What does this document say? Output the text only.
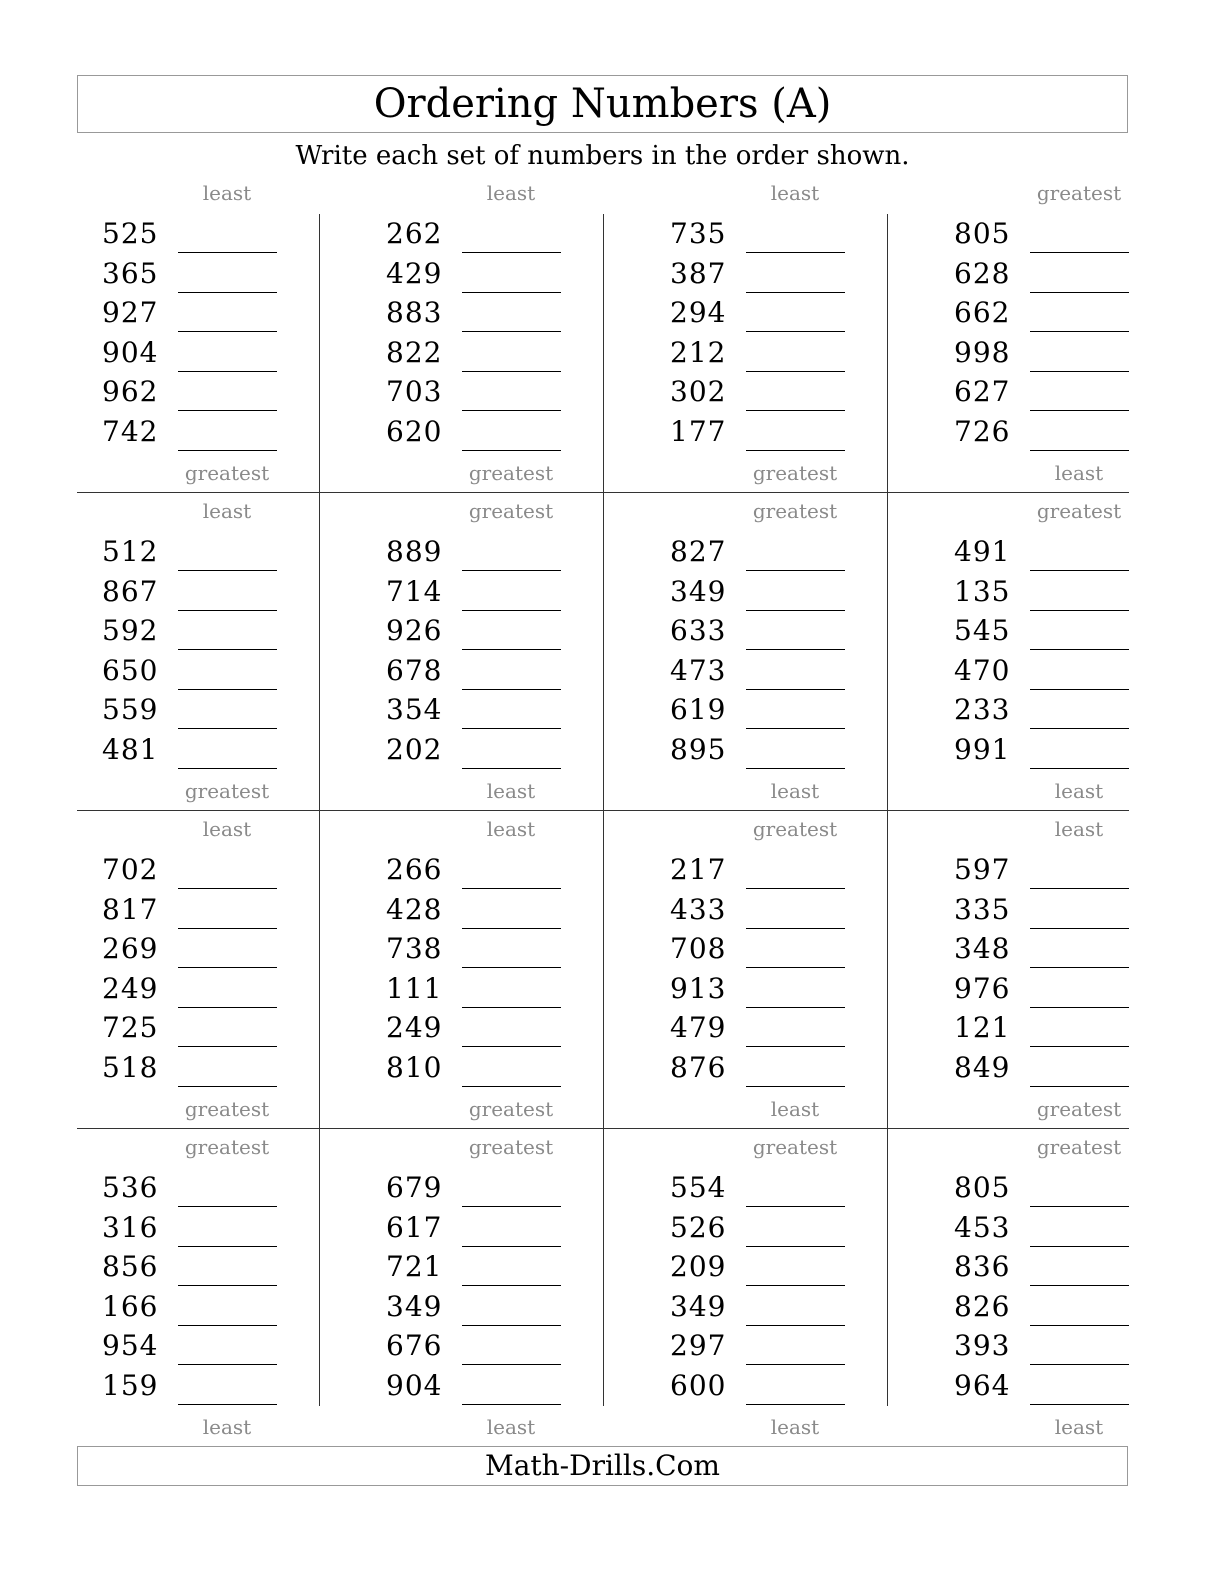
Ordering Numbers (A)
Write each set of numbers in the order shown.
least
525
365
927
904
962
742
greatest
least
262
429
883
822
703
620
greatest
least
735
387
294
212
302
177
greatest
greatest
805
628
662
998
627
726
least
least
512
867
592
650
559
481
greatest
greatest
889
714
926
678
354
202
least
greatest
827
349
633
473
619
895
least
greatest
491
135
545
470
233
991
least
least
702
817
269
249
725
518
greatest
least
266
428
738
111
249
810
greatest
greatest
217
433
708
913
479
876
least
least
597
335
348
976
121
849
greatest
greatest
536
316
856
166
954
159
least
greatest
679
617
721
349
676
904
least
greatest
554
526
209
349
297
600
least
greatest
805
453
836
826
393
964
least
Math-Drills.Com
